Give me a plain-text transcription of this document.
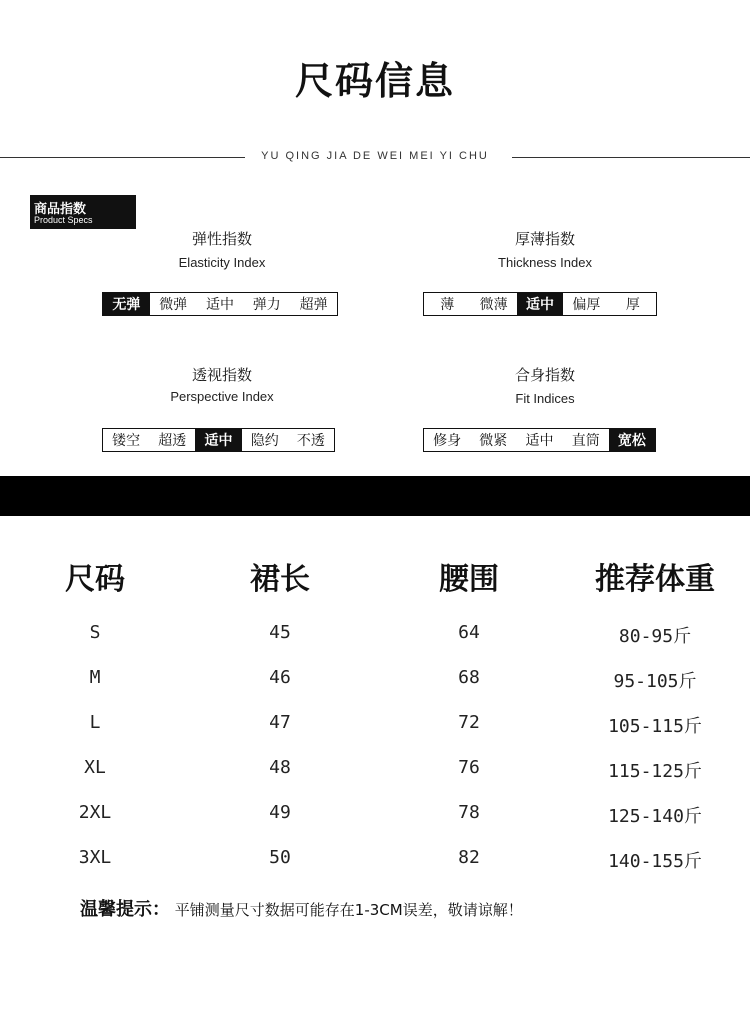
尺码信息
YU QING JIA DE WEI MEI YI CHU
商品指数
Product Specs
弹性指数
Elasticity Index
无弹	微弹	适中	弹力	超弹
厚薄指数
Thickness Index
薄	微薄	适中	偏厚	厚
透视指数
Perspective Index
镂空	超透	适中	隐约	不透
合身指数
Fit Indices
修身	微紧	适中	直筒	宽松
尺码	裙长	腰围	推荐体重
S	45	64	80-95斤
M	46	68	95-105斤
L	47	72	105-115斤
XL	48	76	115-125斤
2XL	49	78	125-140斤
3XL	50	82	140-155斤
温馨提示： 平铺测量尺寸数据可能存在1-3CM误差，敬请谅解！
